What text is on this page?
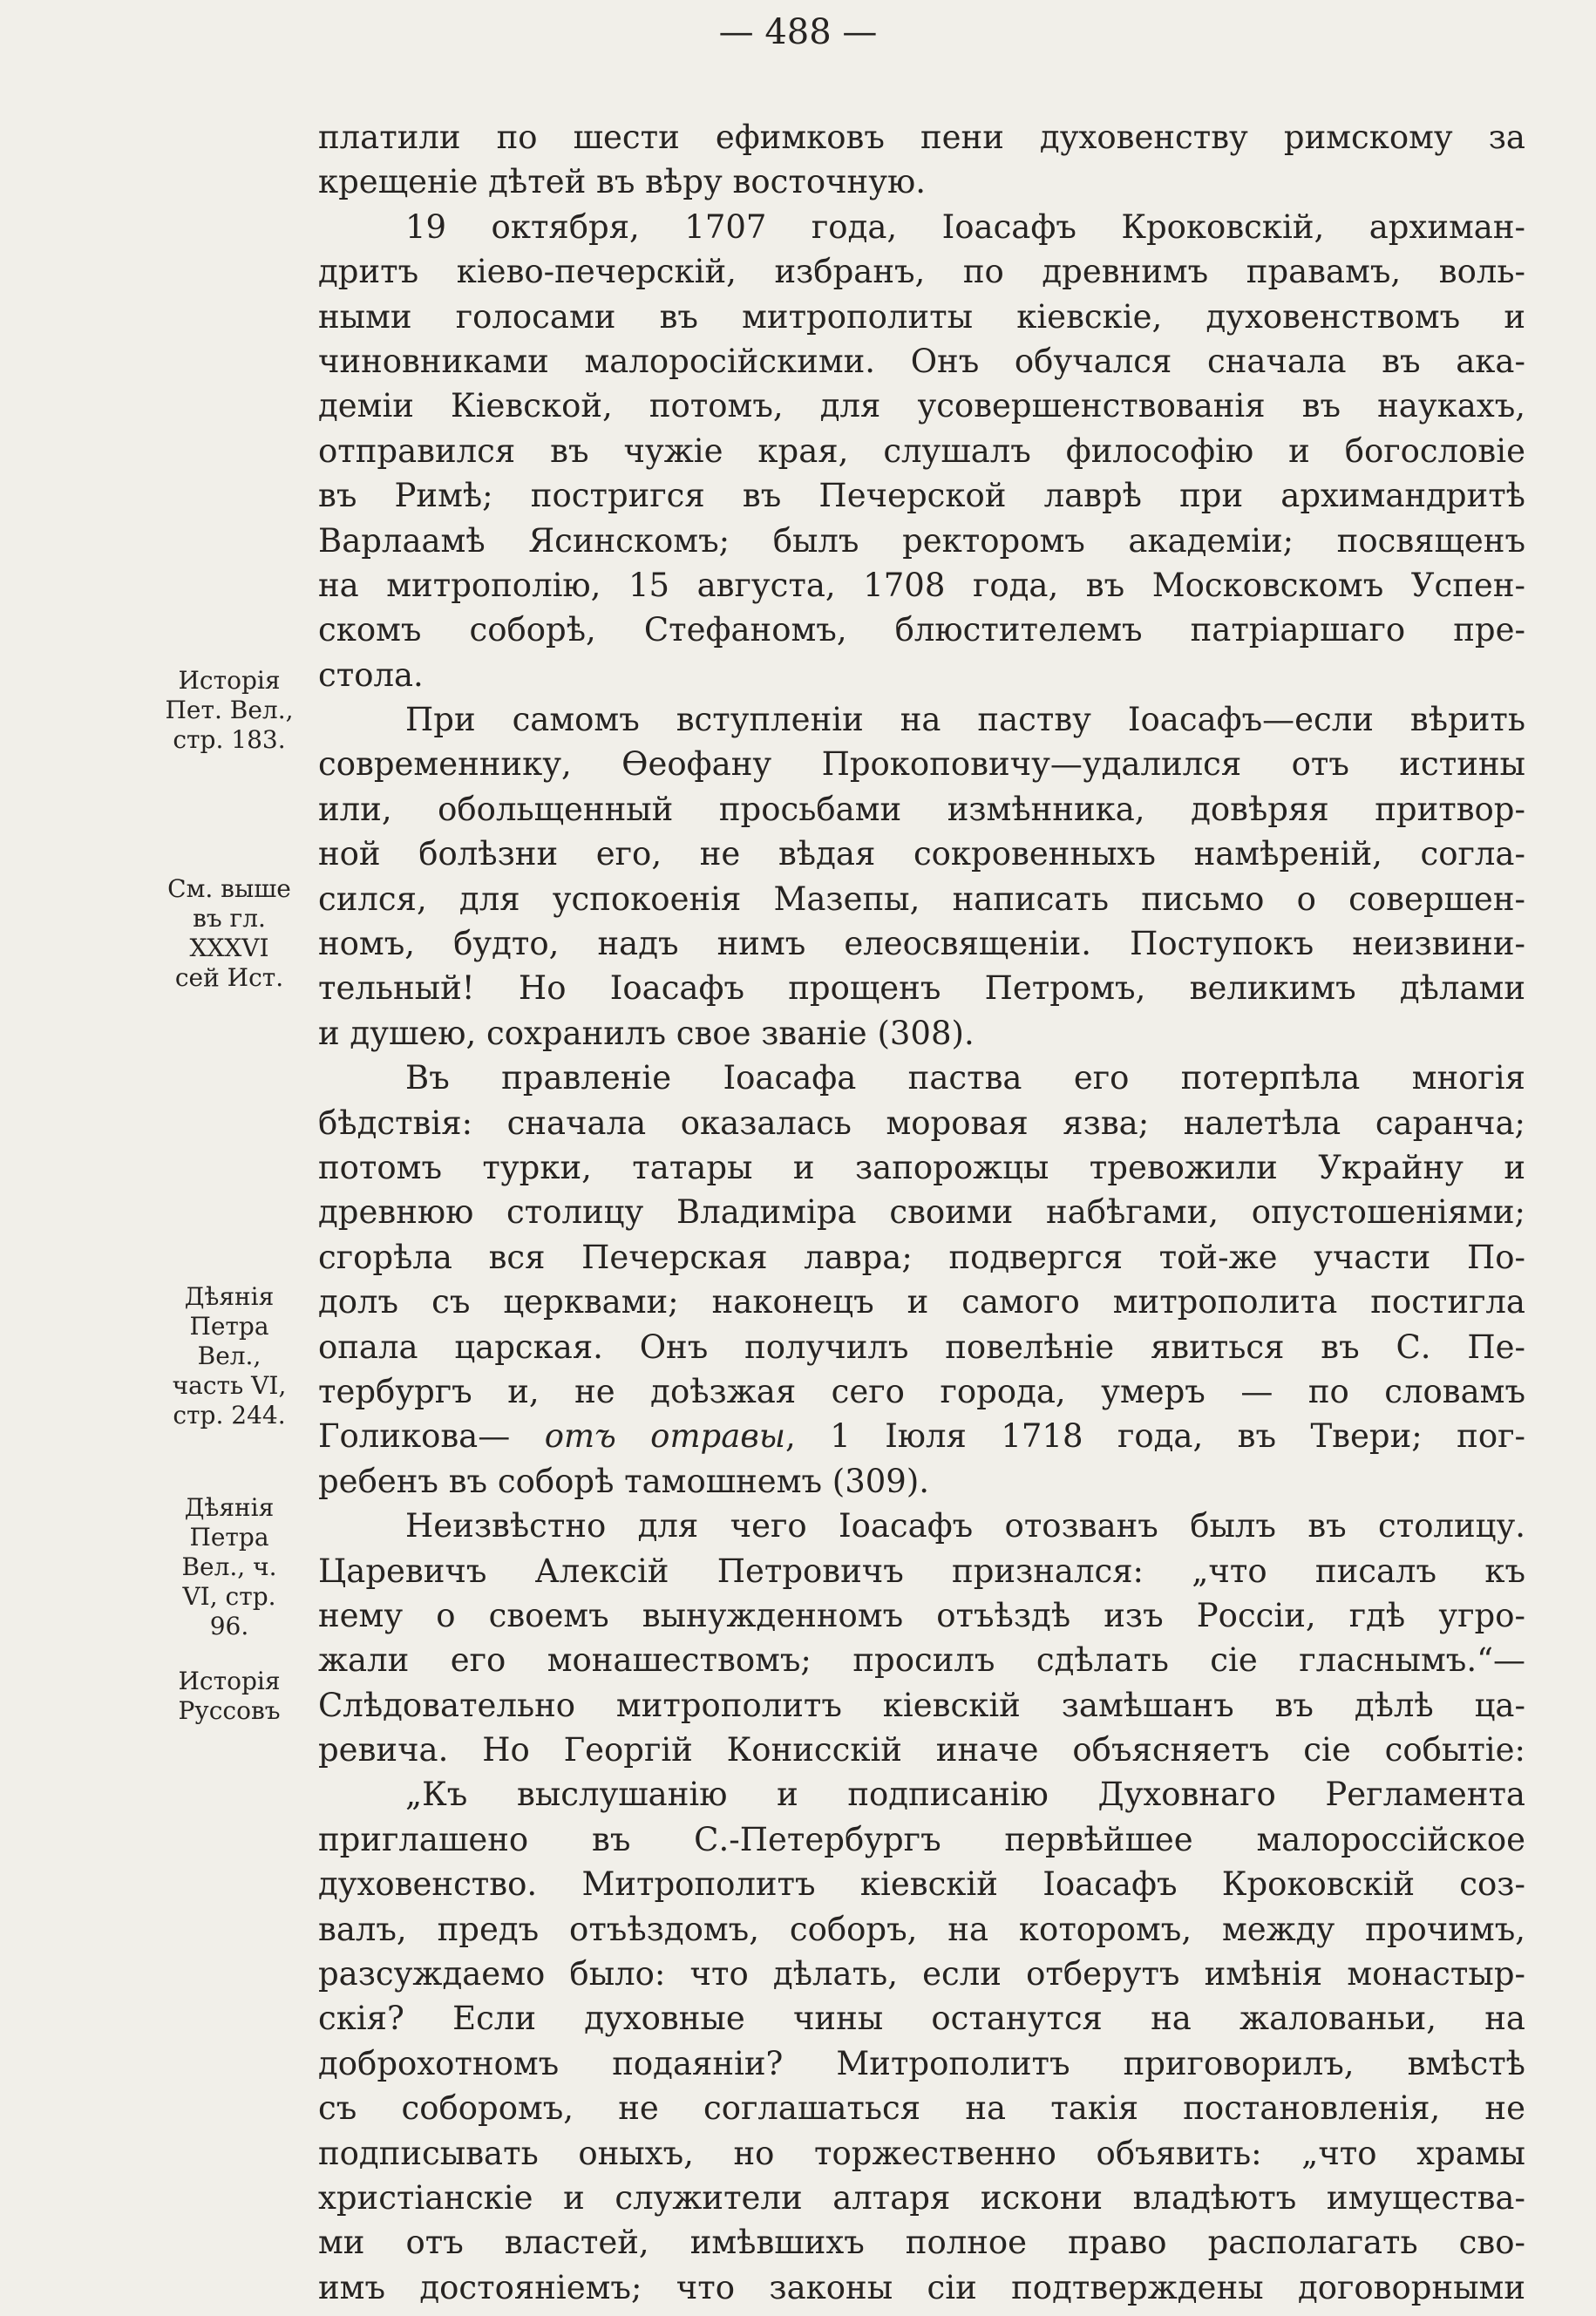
— 488 —
платили по шести ефимковъ пени духовенству римскому за
крещеніе дѣтей въ вѣру восточную.
19 октября, 1707 года, Іоасафъ Кроковскій, архиман-
дритъ кіево-печерскій, избранъ, по древнимъ правамъ, воль-
ными голосами въ митрополиты кіевскіе, духовенствомъ и
чиновниками малоросійскими. Онъ обучался сначала въ ака-
деміи Кіевской, потомъ, для усовершенствованія въ наукахъ,
отправился въ чужіе края, слушалъ философію и богословіе
въ Римѣ; постригся въ Печерской лаврѣ при архимандритѣ
Варлаамѣ Ясинскомъ; былъ ректоромъ академіи; посвященъ
на митрополію, 15 августа, 1708 года, въ Московскомъ Успен-
скомъ соборѣ, Стефаномъ, блюстителемъ патріаршаго пре-
стола.
При самомъ вступленіи на паству Іоасафъ—если вѣрить
современнику, Ѳеофану Прокоповичу—удалился отъ истины
или, обольщенный просьбами измѣнника, довѣряя притвор-
ной болѣзни его, не вѣдая сокровенныхъ намѣреній, согла-
сился, для успокоенія Мазепы, написать письмо о совершен-
номъ, будто, надъ нимъ елеосвященіи. Поступокъ неизвини-
тельный! Но Іоасафъ прощенъ Петромъ, великимъ дѣлами
и душею, сохранилъ свое званіе (308).
Въ правленіе Іоасафа паства его потерпѣла многія
бѣдствія: сначала оказалась моровая язва; налетѣла саранча;
потомъ турки, татары и запорожцы тревожили Украйну и
древнюю столицу Владиміра своими набѣгами, опустошеніями;
сгорѣла вся Печерская лавра; подвергся той-же участи По-
долъ съ церквами; наконецъ и самого митрополита постигла
опала царская. Онъ получилъ повелѣніе явиться въ С. Пе-
тербургъ и, не доѣзжая сего города, умеръ — по словамъ
Голикова— отъ отравы, 1 Іюля 1718 года, въ Твери; пог-
ребенъ въ соборѣ тамошнемъ (309).
Неизвѣстно для чего Іоасафъ отозванъ былъ въ столицу.
Царевичъ Алексій Петровичъ признался: „что писалъ къ
нему о своемъ вынужденномъ отъѣздѣ изъ Россіи, гдѣ угро-
жали его монашествомъ; просилъ сдѣлать сіе гласнымъ.“—
Слѣдовательно митрополитъ кіевскій замѣшанъ въ дѣлѣ ца-
ревича. Но Георгій Конисскій иначе объясняетъ сіе событіе:
„Къ выслушанію и подписанію Духовнаго Регламента
приглашено въ С.-Петербургъ первѣйшее малороссійское
духовенство. Митрополитъ кіевскій Іоасафъ Кроковскій соз-
валъ, предъ отъѣздомъ, соборъ, на которомъ, между прочимъ,
разсуждаемо было: что дѣлать, если отберутъ имѣнія монастыр-
скія? Если духовные чины останутся на жалованьи, на
доброхотномъ подаяніи? Митрополитъ приговорилъ, вмѣстѣ
съ соборомъ, не соглашаться на такія постановленія, не
подписывать оныхъ, но торжественно объявить: „что храмы
христіанскіе и служители алтаря искони владѣютъ имущества-
ми отъ властей, имѣвшихъ полное право располагать сво-
имъ достояніемъ; что законы сіи подтверждены договорными
Исторія
Пет. Вел.,
стр. 183.
См. выше
въ гл.
XXXVI
сей Ист.
Дѣянія
Петра
Вел.,
часть VI,
стр. 244.
Дѣянія
Петра
Вел., ч.
VI, стр.
96.
Исторія
Руссовъ
